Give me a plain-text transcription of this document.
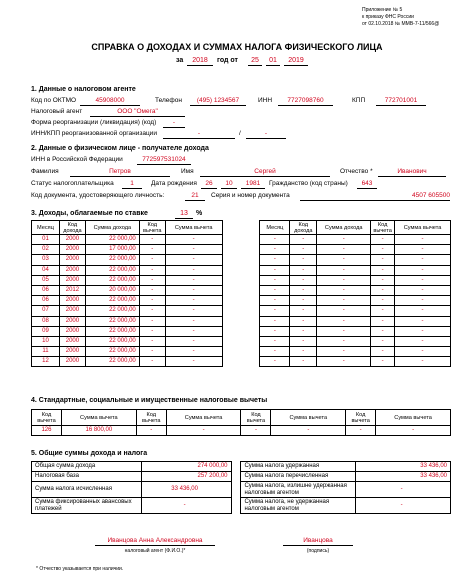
Приложение № 5
к приказу ФНС России
от 02.10.2018 № ММВ-7-11/566@
СПРАВКА О ДОХОДАХ И СУММАХ НАЛОГА ФИЗИЧЕСКОГО ЛИЦА
за	2018	год от	25	01	2019
1. Данные о налоговом агенте
Код по ОКТМО	45908000	Телефон	(495) 1234567	ИНН	7727098760	КПП	772701001
Налоговый агент	ООО "Омега"
Форма реорганизации (ликвидация) (код)	-
ИНН/КПП реорганизованной организации	-	/	-
2. Данные о физическом лице - получателе дохода
ИНН в Российской Федерации	772597531024
Фамилия	Петров	Имя	Сергей	Отчество *	Иванович
Статус налогоплательщика	1	Дата рождения	26	10	1981	Гражданство (код страны)	643
Код документа, удостоверяющего личность:	21	Серия и номер документа	4507 605500
3. Доходы, облагаемые по ставке	13	%
Месяц	Код дохода	Сумма дохода	Код вычета	Сумма вычета		Месяц	Код дохода	Сумма дохода	Код вычета	Сумма вычета
01	2000	22 000,00	-	-		-	-	-	-	-
02	2000	17 000,00	-	-		-	-	-	-	-
03	2000	22 000,00	-	-		-	-	-	-	-
04	2000	22 000,00	-	-		-	-	-	-	-
05	2000	22 000,00	-	-		-	-	-	-	-
06	2012	20 000,00	-	-		-	-	-	-	-
06	2000	22 000,00	-	-		-	-	-	-	-
07	2000	22 000,00	-	-		-	-	-	-	-
08	2000	22 000,00	-	-		-	-	-	-	-
09	2000	22 000,00	-	-		-	-	-	-	-
10	2000	22 000,00	-	-		-	-	-	-	-
11	2000	22 000,00	-	-		-	-	-	-	-
12	2000	22 000,00	-	-		-	-	-	-	-
4. Стандартные, социальные и имущественные налоговые вычеты
Код вычета	Сумма вычета	Код вычета	Сумма вычета	Код вычета	Сумма вычета	Код вычета	Сумма вычета
126	16 800,00	-	-	-	-	-	-
5. Общие суммы дохода и налога
Общая сумма дохода	274 000,00		Сумма налога удержанная	33 436,00
Налоговая база	257 200,00		Сумма налога перечисленная	33 436,00
Сумма налога исчисленная	33 436,00		Сумма налога, излишне удержанная налоговым агентом	-
Сумма фиксированных авансовых платежей	-		Сумма налога, не удержанная налоговым агентом	-
Иванцова Анна Александровна
налоговый агент (Ф.И.О.)*
Иванцова
(подпись)
* Отчество указывается при наличии.
